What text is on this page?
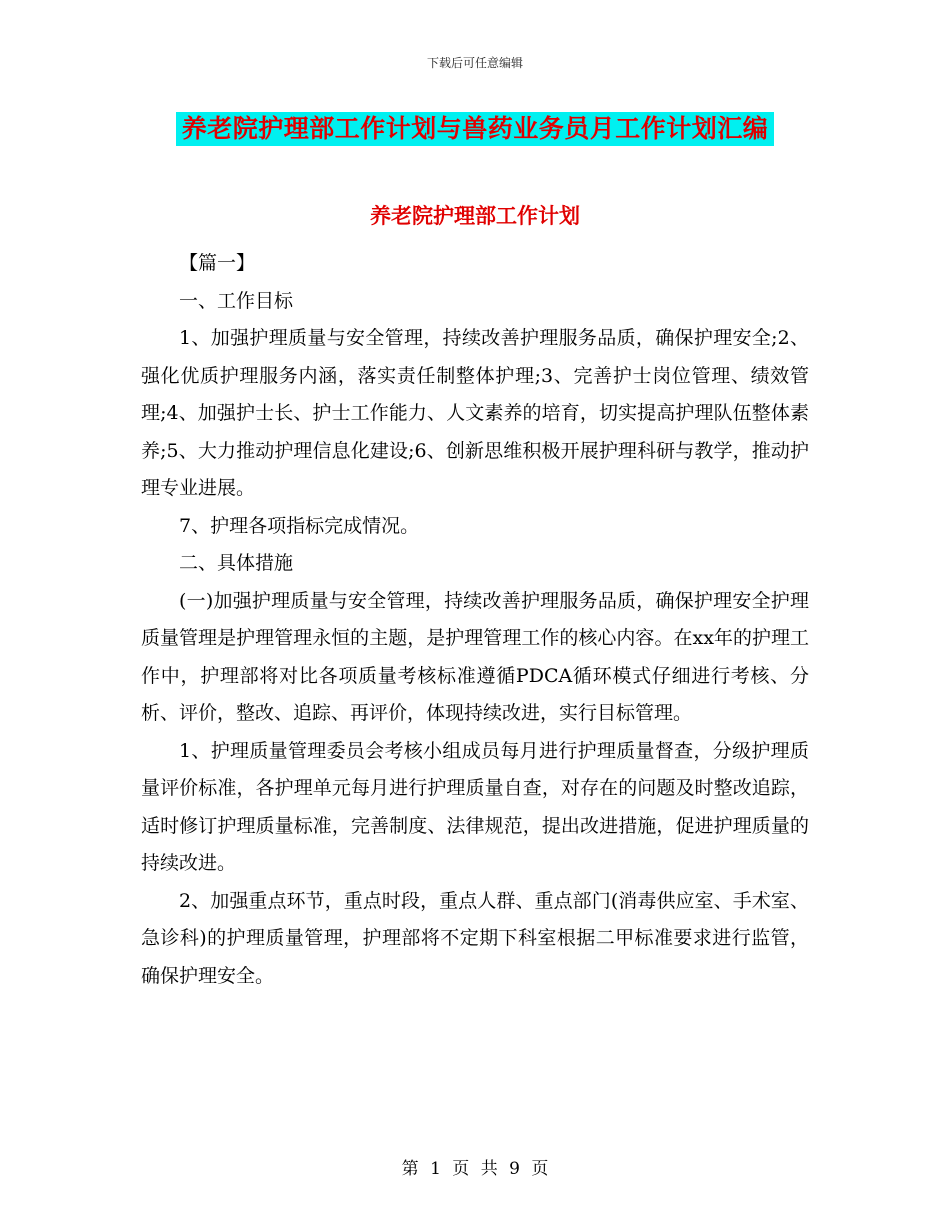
下载后可任意编辑
养老院护理部工作计划与兽药业务员月工作计划汇编
养老院护理部工作计划

【篇一】

一、工作目标

1、加强护理质量与安全管理，持续改善护理服务品质，确保护理安全;2、强化优质护理服务内涵，落实责任制整体护理;3、完善护士岗位管理、绩效管理;4、加强护士长、护士工作能力、人文素养的培育，切实提高护理队伍整体素养;5、大力推动护理信息化建设;6、创新思维积极开展护理科研与教学，推动护理专业进展。

7、护理各项指标完成情况。

二、具体措施

(一)加强护理质量与安全管理，持续改善护理服务品质，确保护理安全护理质量管理是护理管理永恒的主题，是护理管理工作的核心内容。在xx年的护理工作中，护理部将对比各项质量考核标准遵循PDCA循环模式仔细进行考核、分析、评价，整改、追踪、再评价，体现持续改进，实行目标管理。

1、护理质量管理委员会考核小组成员每月进行护理质量督查，分级护理质量评价标准，各护理单元每月进行护理质量自查，对存在的问题及时整改追踪，适时修订护理质量标准，完善制度、法律规范，提出改进措施，促进护理质量的持续改进。

2、加强重点环节，重点时段，重点人群、重点部门(消毒供应室、手术室、急诊科)的护理质量管理，护理部将不定期下科室根据二甲标准要求进行监管，确保护理安全。

第 1 页 共 9 页
